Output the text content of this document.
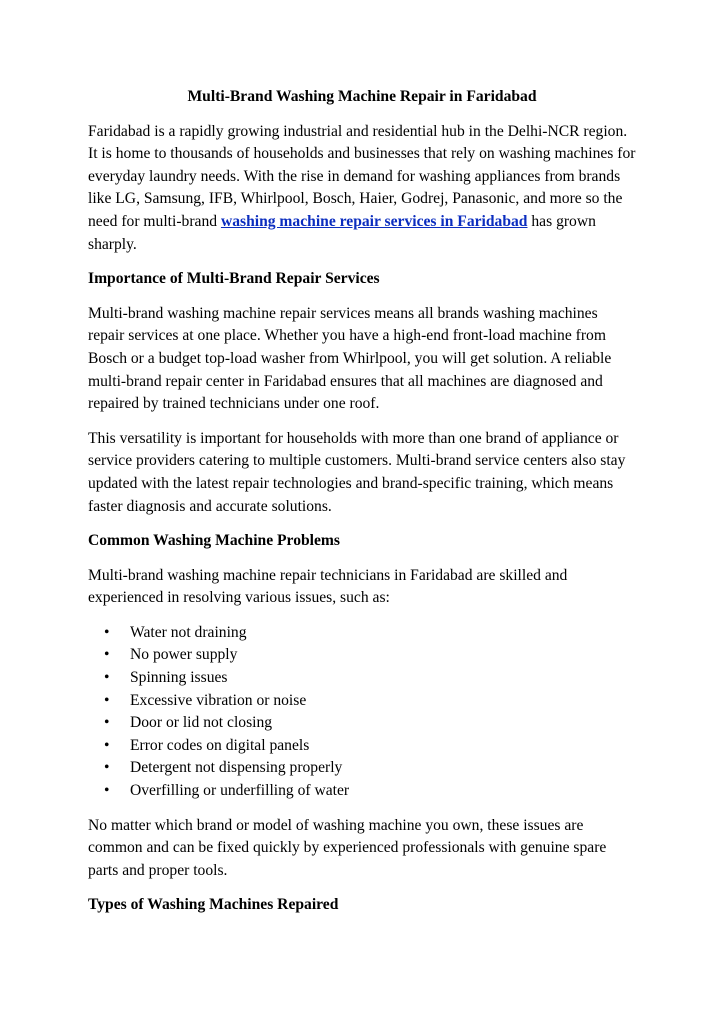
Multi-Brand Washing Machine Repair in Faridabad

Faridabad is a rapidly growing industrial and residential hub in the Delhi-NCR region. It is home to thousands of households and businesses that rely on washing machines for everyday laundry needs. With the rise in demand for washing appliances from brands like LG, Samsung, IFB, Whirlpool, Bosch, Haier, Godrej, Panasonic, and more so the need for multi-brand washing machine repair services in Faridabad has grown sharply.

Importance of Multi-Brand Repair Services

Multi-brand washing machine repair services means all brands washing machines repair services at one place. Whether you have a high-end front-load machine from Bosch or a budget top-load washer from Whirlpool, you will get solution. A reliable multi-brand repair center in Faridabad ensures that all machines are diagnosed and repaired by trained technicians under one roof.

This versatility is important for households with more than one brand of appliance or service providers catering to multiple customers. Multi-brand service centers also stay updated with the latest repair technologies and brand-specific training, which means faster diagnosis and accurate solutions.

Common Washing Machine Problems

Multi-brand washing machine repair technicians in Faridabad are skilled and experienced in resolving various issues, such as:

• Water not draining
• No power supply
• Spinning issues
• Excessive vibration or noise
• Door or lid not closing
• Error codes on digital panels
• Detergent not dispensing properly
• Overfilling or underfilling of water

No matter which brand or model of washing machine you own, these issues are common and can be fixed quickly by experienced professionals with genuine spare parts and proper tools.

Types of Washing Machines Repaired
